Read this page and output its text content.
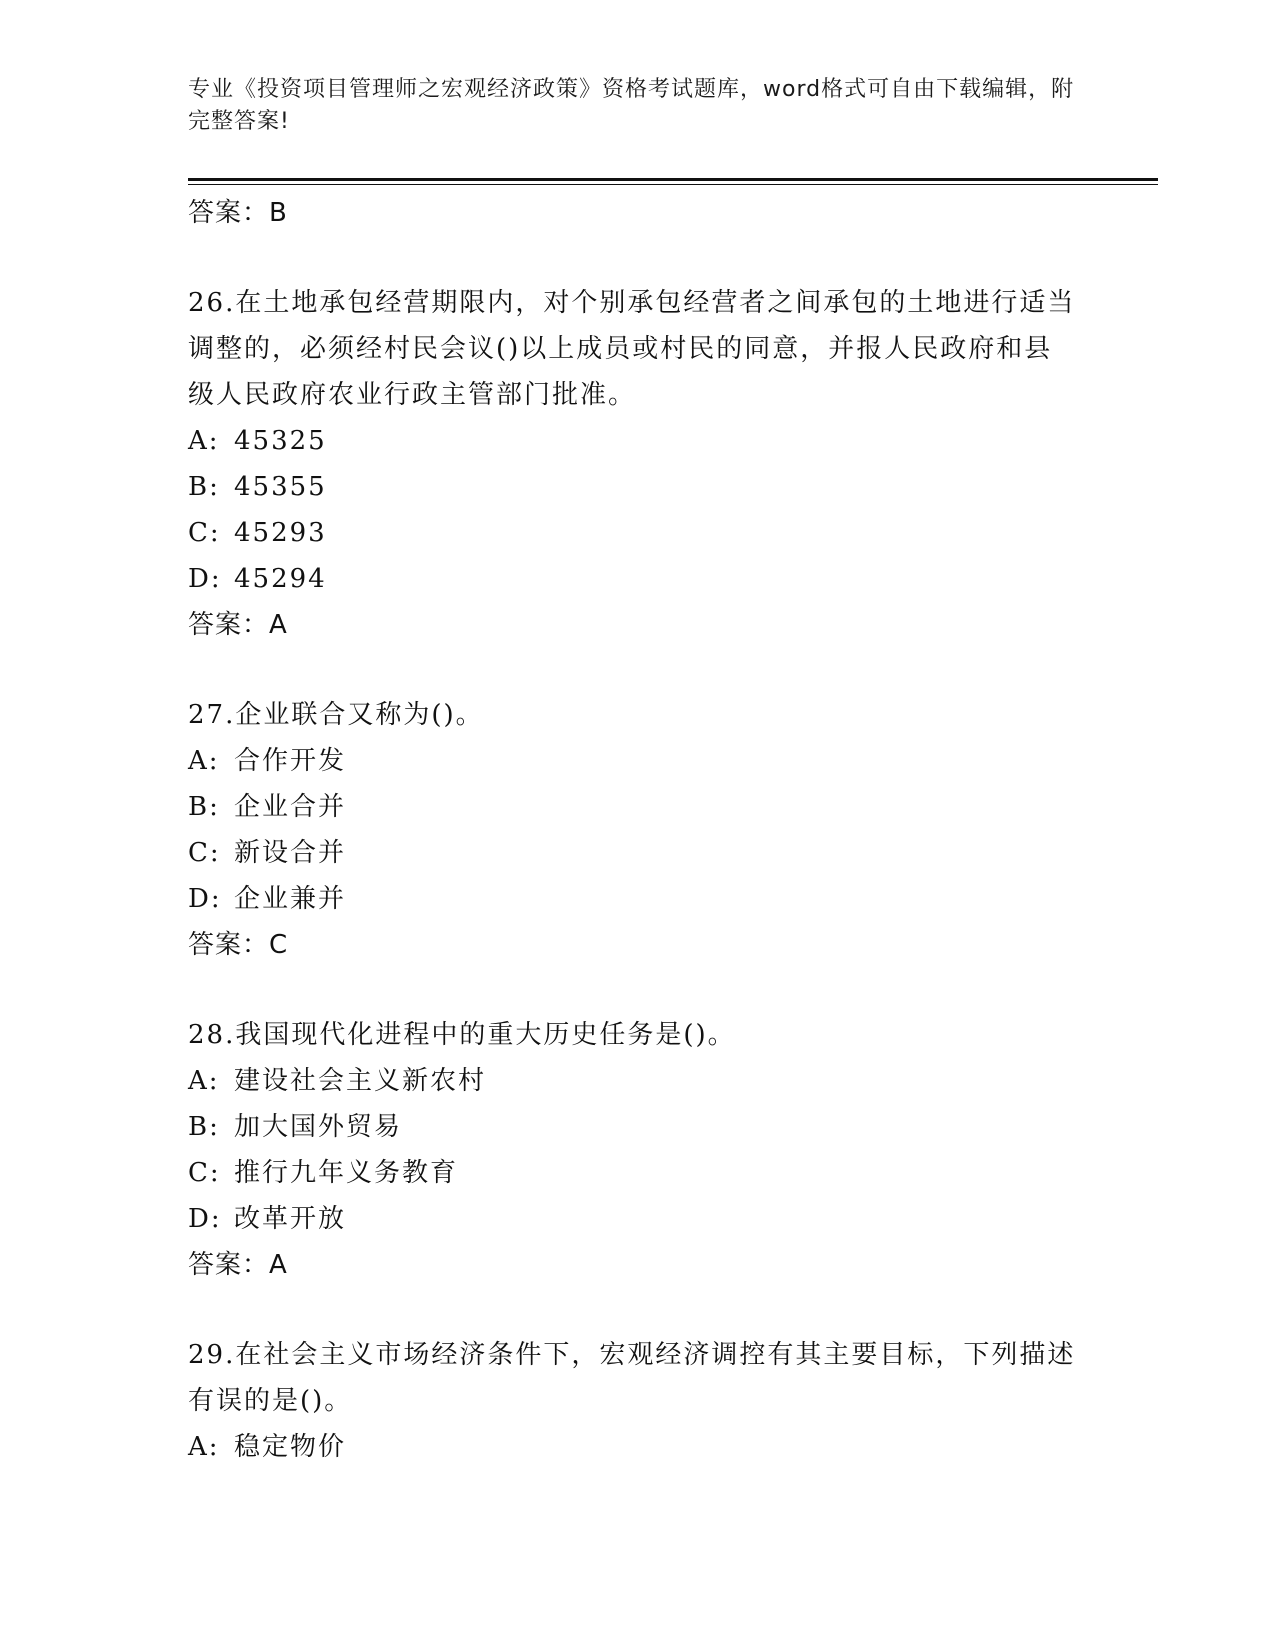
专业《投资项目管理师之宏观经济政策》资格考试题库，word格式可自由下载编辑，附完整答案!
答案：B
26.在土地承包经营期限内，对个别承包经营者之间承包的土地进行适当调整的，必须经村民会议()以上成员或村民的同意，并报人民政府和县级人民政府农业行政主管部门批准。
A: 45325
B: 45355
C: 45293
D: 45294
答案：A
27.企业联合又称为()。
A: 合作开发
B: 企业合并
C: 新设合并
D: 企业兼并
答案：C
28.我国现代化进程中的重大历史任务是()。
A: 建设社会主义新农村
B: 加大国外贸易
C: 推行九年义务教育
D: 改革开放
答案：A
29.在社会主义市场经济条件下，宏观经济调控有其主要目标，下列描述有误的是()。
A: 稳定物价
